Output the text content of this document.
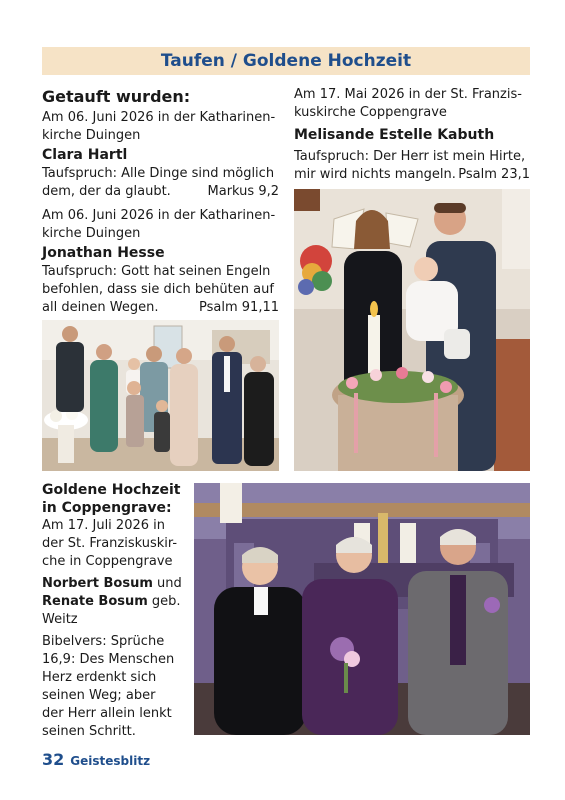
Taufen / Goldene Hochzeit

Getauft wurden:

Am 06. Juni 2026 in der Katharinen-

kirche Duingen

Clara Hartl

Taufspruch: Alle Dinge sind möglich

dem, der da glaubt.	Markus 9,2

Am 06. Juni 2026 in der Katharinen-

kirche Duingen

Jonathan Hesse

Taufspruch: Gott hat seinen Engeln

befohlen, dass sie dich behüten auf

all deinen Wegen.	Psalm 91,11

Am 17. Mai 2026 in der St. Franzis-

kuskirche Coppengrave

Melisande Estelle Kabuth

Taufspruch: Der Herr ist mein Hirte,

mir wird nichts mangeln. Psalm 23,1

Goldene Hochzeit

in Coppengrave:

Am 17. Juli 2026 in

der St. Franziskuskir-

che in Coppengrave

Norbert Bosum und

Renate Bosum geb.

Weitz

Bibelvers: Sprüche

16,9: Des Menschen

Herz erdenkt sich

seinen Weg; aber

der Herr allein lenkt

seinen Schritt.

32 Geistesblitz
